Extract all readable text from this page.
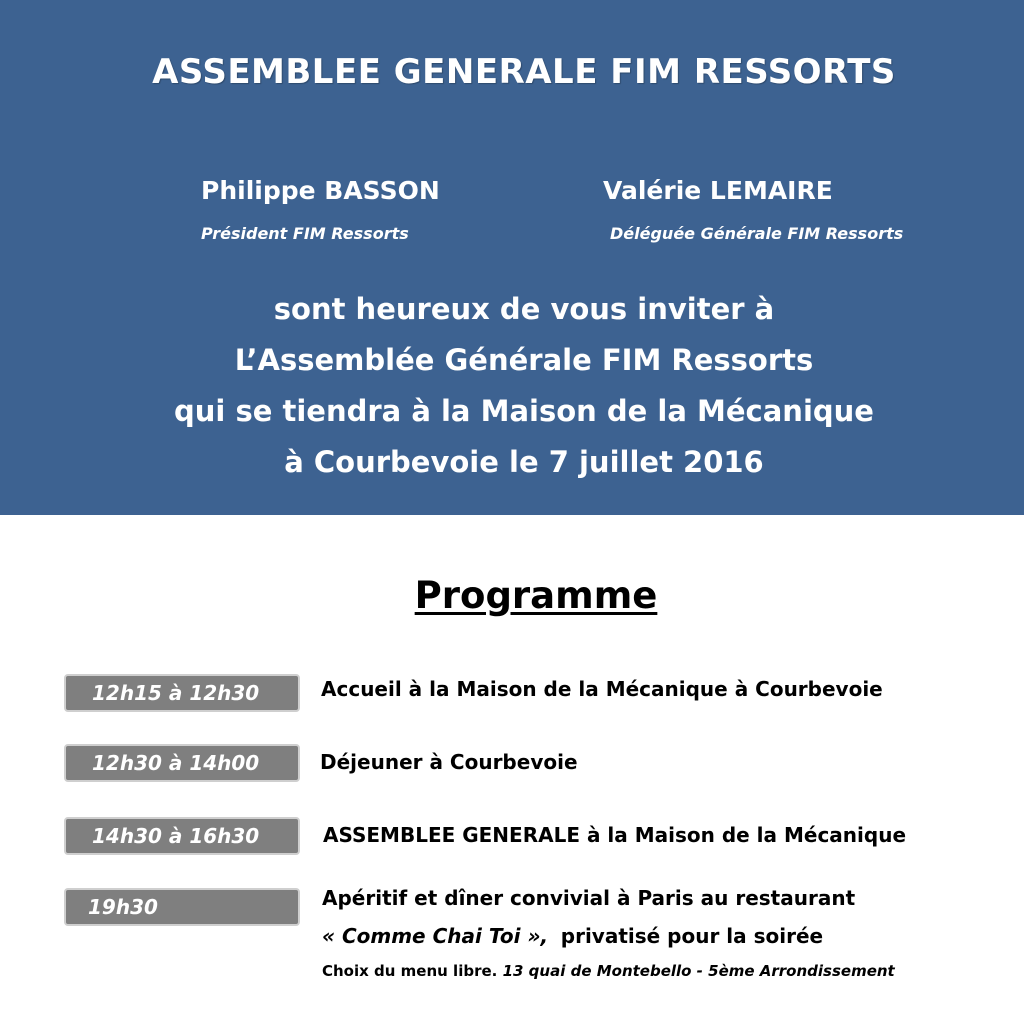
ASSEMBLEE GENERALE FIM RESSORTS
Philippe BASSON
Président FIM Ressorts
Valérie LEMAIRE
Déléguée Générale FIM Ressorts
sont heureux de vous inviter à
L’Assemblée Générale FIM Ressorts
qui se tiendra à la Maison de la Mécanique
à Courbevoie le 7 juillet 2016
Programme
12h15 à 12h30	Accueil à la Maison de la Mécanique à Courbevoie
12h30 à 14h00	Déjeuner à Courbevoie
14h30 à 16h30	ASSEMBLEE GENERALE à la Maison de la Mécanique
19h30	Apéritif et dîner convivial à Paris au restaurant
« Comme Chai Toi », privatisé pour la soirée
Choix du menu libre. 13 quai de Montebello - 5ème Arrondissement
